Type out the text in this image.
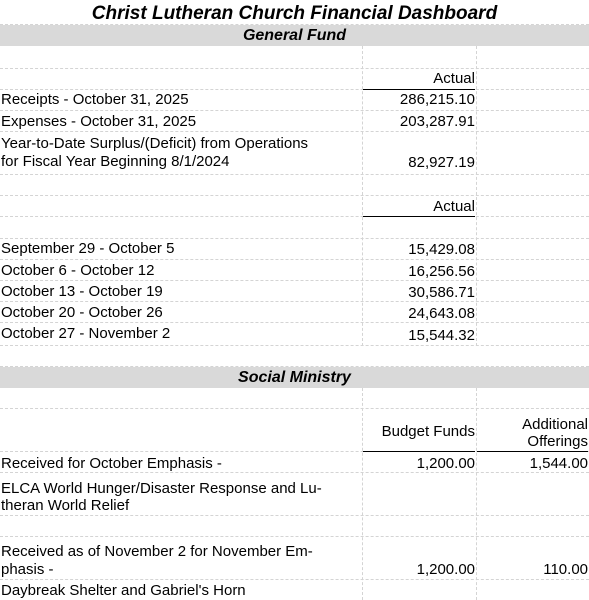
Christ Lutheran Church Financial Dashboard
General Fund
Actual
Receipts - October 31, 2025	286,215.10
Expenses - October 31, 2025	203,287.91
Year-to-Date Surplus/(Deficit) from Operations
for Fiscal Year Beginning 8/1/2024	82,927.19
Actual
September 29 - October 5	15,429.08
October 6 - October 12	16,256.56
October 13 - October 19	30,586.71
October 20 - October 26	24,643.08
October 27 - November 2	15,544.32
Social Ministry
Budget Funds	Additional
Offerings
Received for October Emphasis -	1,200.00	1,544.00
ELCA World Hunger/Disaster Response and Lu-
theran World Relief
Received as of November 2 for November Em-
phasis -	1,200.00	110.00
Daybreak Shelter and Gabriel's Horn
